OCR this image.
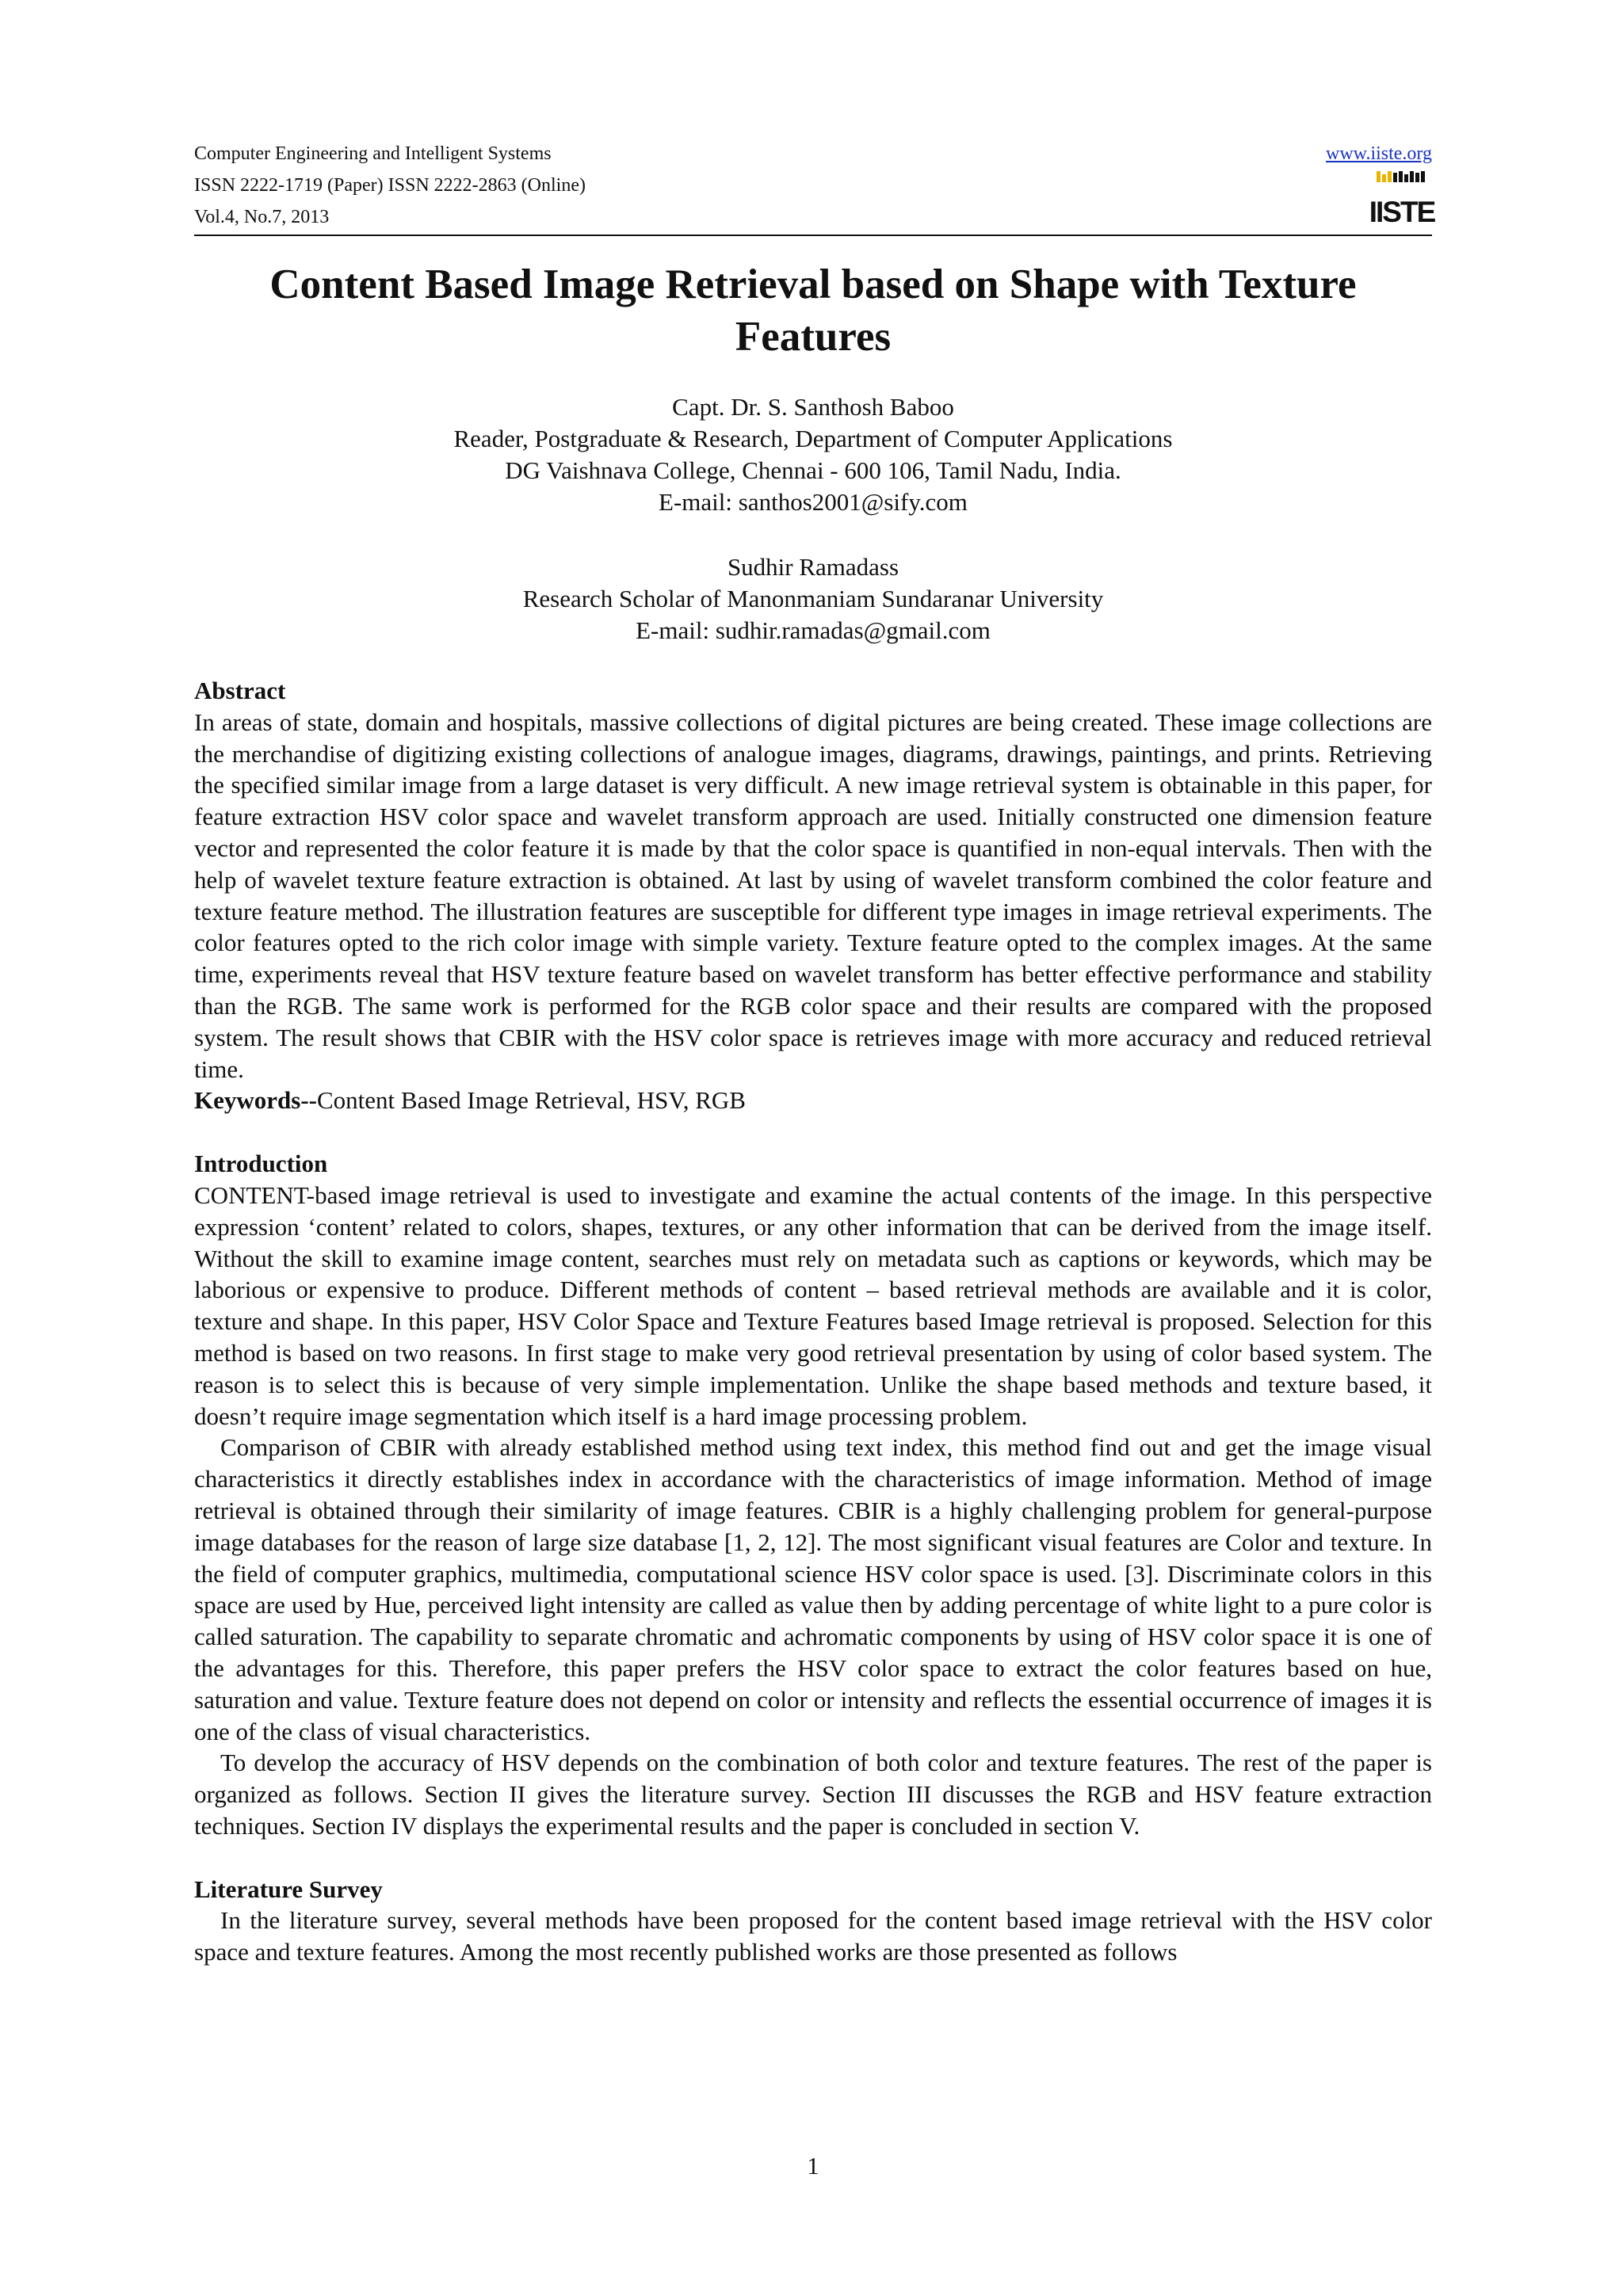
Computer Engineering and Intelligent Systems
ISSN 2222-1719 (Paper) ISSN 2222-2863 (Online)
Vol.4, No.7, 2013
www.iiste.org
IISTE
Content Based Image Retrieval based on Shape with Texture Features
Capt. Dr. S. Santhosh Baboo
Reader, Postgraduate & Research, Department of Computer Applications
DG Vaishnava College, Chennai - 600 106, Tamil Nadu, India.
E-mail: santhos2001@sify.com
Sudhir Ramadass
Research Scholar of Manonmaniam Sundaranar University
E-mail: sudhir.ramadas@gmail.com

Abstract

In areas of state, domain and hospitals, massive collections of digital pictures are being created. These image collections are the merchandise of digitizing existing collections of analogue images, diagrams, drawings, paintings, and prints. Retrieving the specified similar image from a large dataset is very difficult. A new image retrieval system is obtainable in this paper, for feature extraction HSV color space and wavelet transform approach are used. Initially constructed one dimension feature vector and represented the color feature it is made by that the color space is quantified in non-equal intervals. Then with the help of wavelet texture feature extraction is obtained. At last by using of wavelet transform combined the color feature and texture feature method. The illustration features are susceptible for different type images in image retrieval experiments. The color features opted to the rich color image with simple variety. Texture feature opted to the complex images. At the same time, experiments reveal that HSV texture feature based on wavelet transform has better effective performance and stability than the RGB. The same work is performed for the RGB color space and their results are compared with the proposed system. The result shows that CBIR with the HSV color space is retrieves image with more accuracy and reduced retrieval time.

Keywords--Content Based Image Retrieval, HSV, RGB

Introduction

CONTENT-based image retrieval is used to investigate and examine the actual contents of the image. In this perspective expression ‘content’ related to colors, shapes, textures, or any other information that can be derived from the image itself. Without the skill to examine image content, searches must rely on metadata such as captions or keywords, which may be laborious or expensive to produce. Different methods of content – based retrieval methods are available and it is color, texture and shape. In this paper, HSV Color Space and Texture Features based Image retrieval is proposed. Selection for this method is based on two reasons. In first stage to make very good retrieval presentation by using of color based system. The reason is to select this is because of very simple implementation. Unlike the shape based methods and texture based, it doesn’t require image segmentation which itself is a hard image processing problem.

Comparison of CBIR with already established method using text index, this method find out and get the image visual characteristics it directly establishes index in accordance with the characteristics of image information. Method of image retrieval is obtained through their similarity of image features. CBIR is a highly challenging problem for general-purpose image databases for the reason of large size database [1, 2, 12]. The most significant visual features are Color and texture. In the field of computer graphics, multimedia, computational science HSV color space is used. [3]. Discriminate colors in this space are used by Hue, perceived light intensity are called as value then by adding percentage of white light to a pure color is called saturation. The capability to separate chromatic and achromatic components by using of HSV color space it is one of the advantages for this. Therefore, this paper prefers the HSV color space to extract the color features based on hue, saturation and value. Texture feature does not depend on color or intensity and reflects the essential occurrence of images it is one of the class of visual characteristics.

To develop the accuracy of HSV depends on the combination of both color and texture features. The rest of the paper is organized as follows. Section II gives the literature survey. Section III discusses the RGB and HSV feature extraction techniques. Section IV displays the experimental results and the paper is concluded in section V.

Literature Survey

In the literature survey, several methods have been proposed for the content based image retrieval with the HSV color space and texture features. Among the most recently published works are those presented as follows

1
